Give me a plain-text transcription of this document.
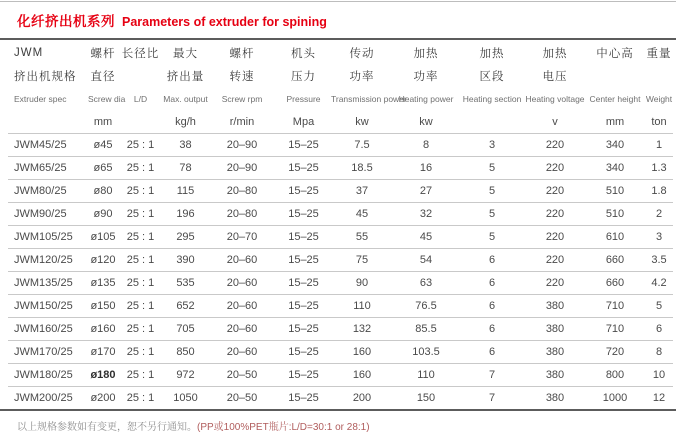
化纤挤出机系列 Parameters of extruder for spining
JWM	螺杆	长径比	最大	螺杆	机头	传动	加热	加热	加热	中心高	重量
挤出机规格	直径		挤出量	转速	压力	功率	功率	区段	电压		
Extruder spec	Screw dia	L/D	Max. output	Screw rpm	Pressure	Transmission power	Heating power	Heating section	Heating voltage	Center height	Weight
	mm		kg/h	r/min	Mpa	kw	kw		v	mm	ton
JWM45/25	ø45	25 : 1	38	20–90	15–25	7.5	8	3	220	340	1
JWM65/25	ø65	25 : 1	78	20–90	15–25	18.5	16	5	220	340	1.3
JWM80/25	ø80	25 : 1	115	20–80	15–25	37	27	5	220	510	1.8
JWM90/25	ø90	25 : 1	196	20–80	15–25	45	32	5	220	510	2
JWM105/25	ø105	25 : 1	295	20–70	15–25	55	45	5	220	610	3
JWM120/25	ø120	25 : 1	390	20–60	15–25	75	54	6	220	660	3.5
JWM135/25	ø135	25 : 1	535	20–60	15–25	90	63	6	220	660	4.2
JWM150/25	ø150	25 : 1	652	20–60	15–25	110	76.5	6	380	710	5
JWM160/25	ø160	25 : 1	705	20–60	15–25	132	85.5	6	380	710	6
JWM170/25	ø170	25 : 1	850	20–60	15–25	160	103.5	6	380	720	8
JWM180/25	ø180	25 : 1	972	20–50	15–25	160	110	7	380	800	10
JWM200/25	ø200	25 : 1	1050	20–50	15–25	200	150	7	380	1000	12
以上规格参数如有变更，恕不另行通知。(PP或100%PET瓶片:L/D=30:1 or 28:1)
